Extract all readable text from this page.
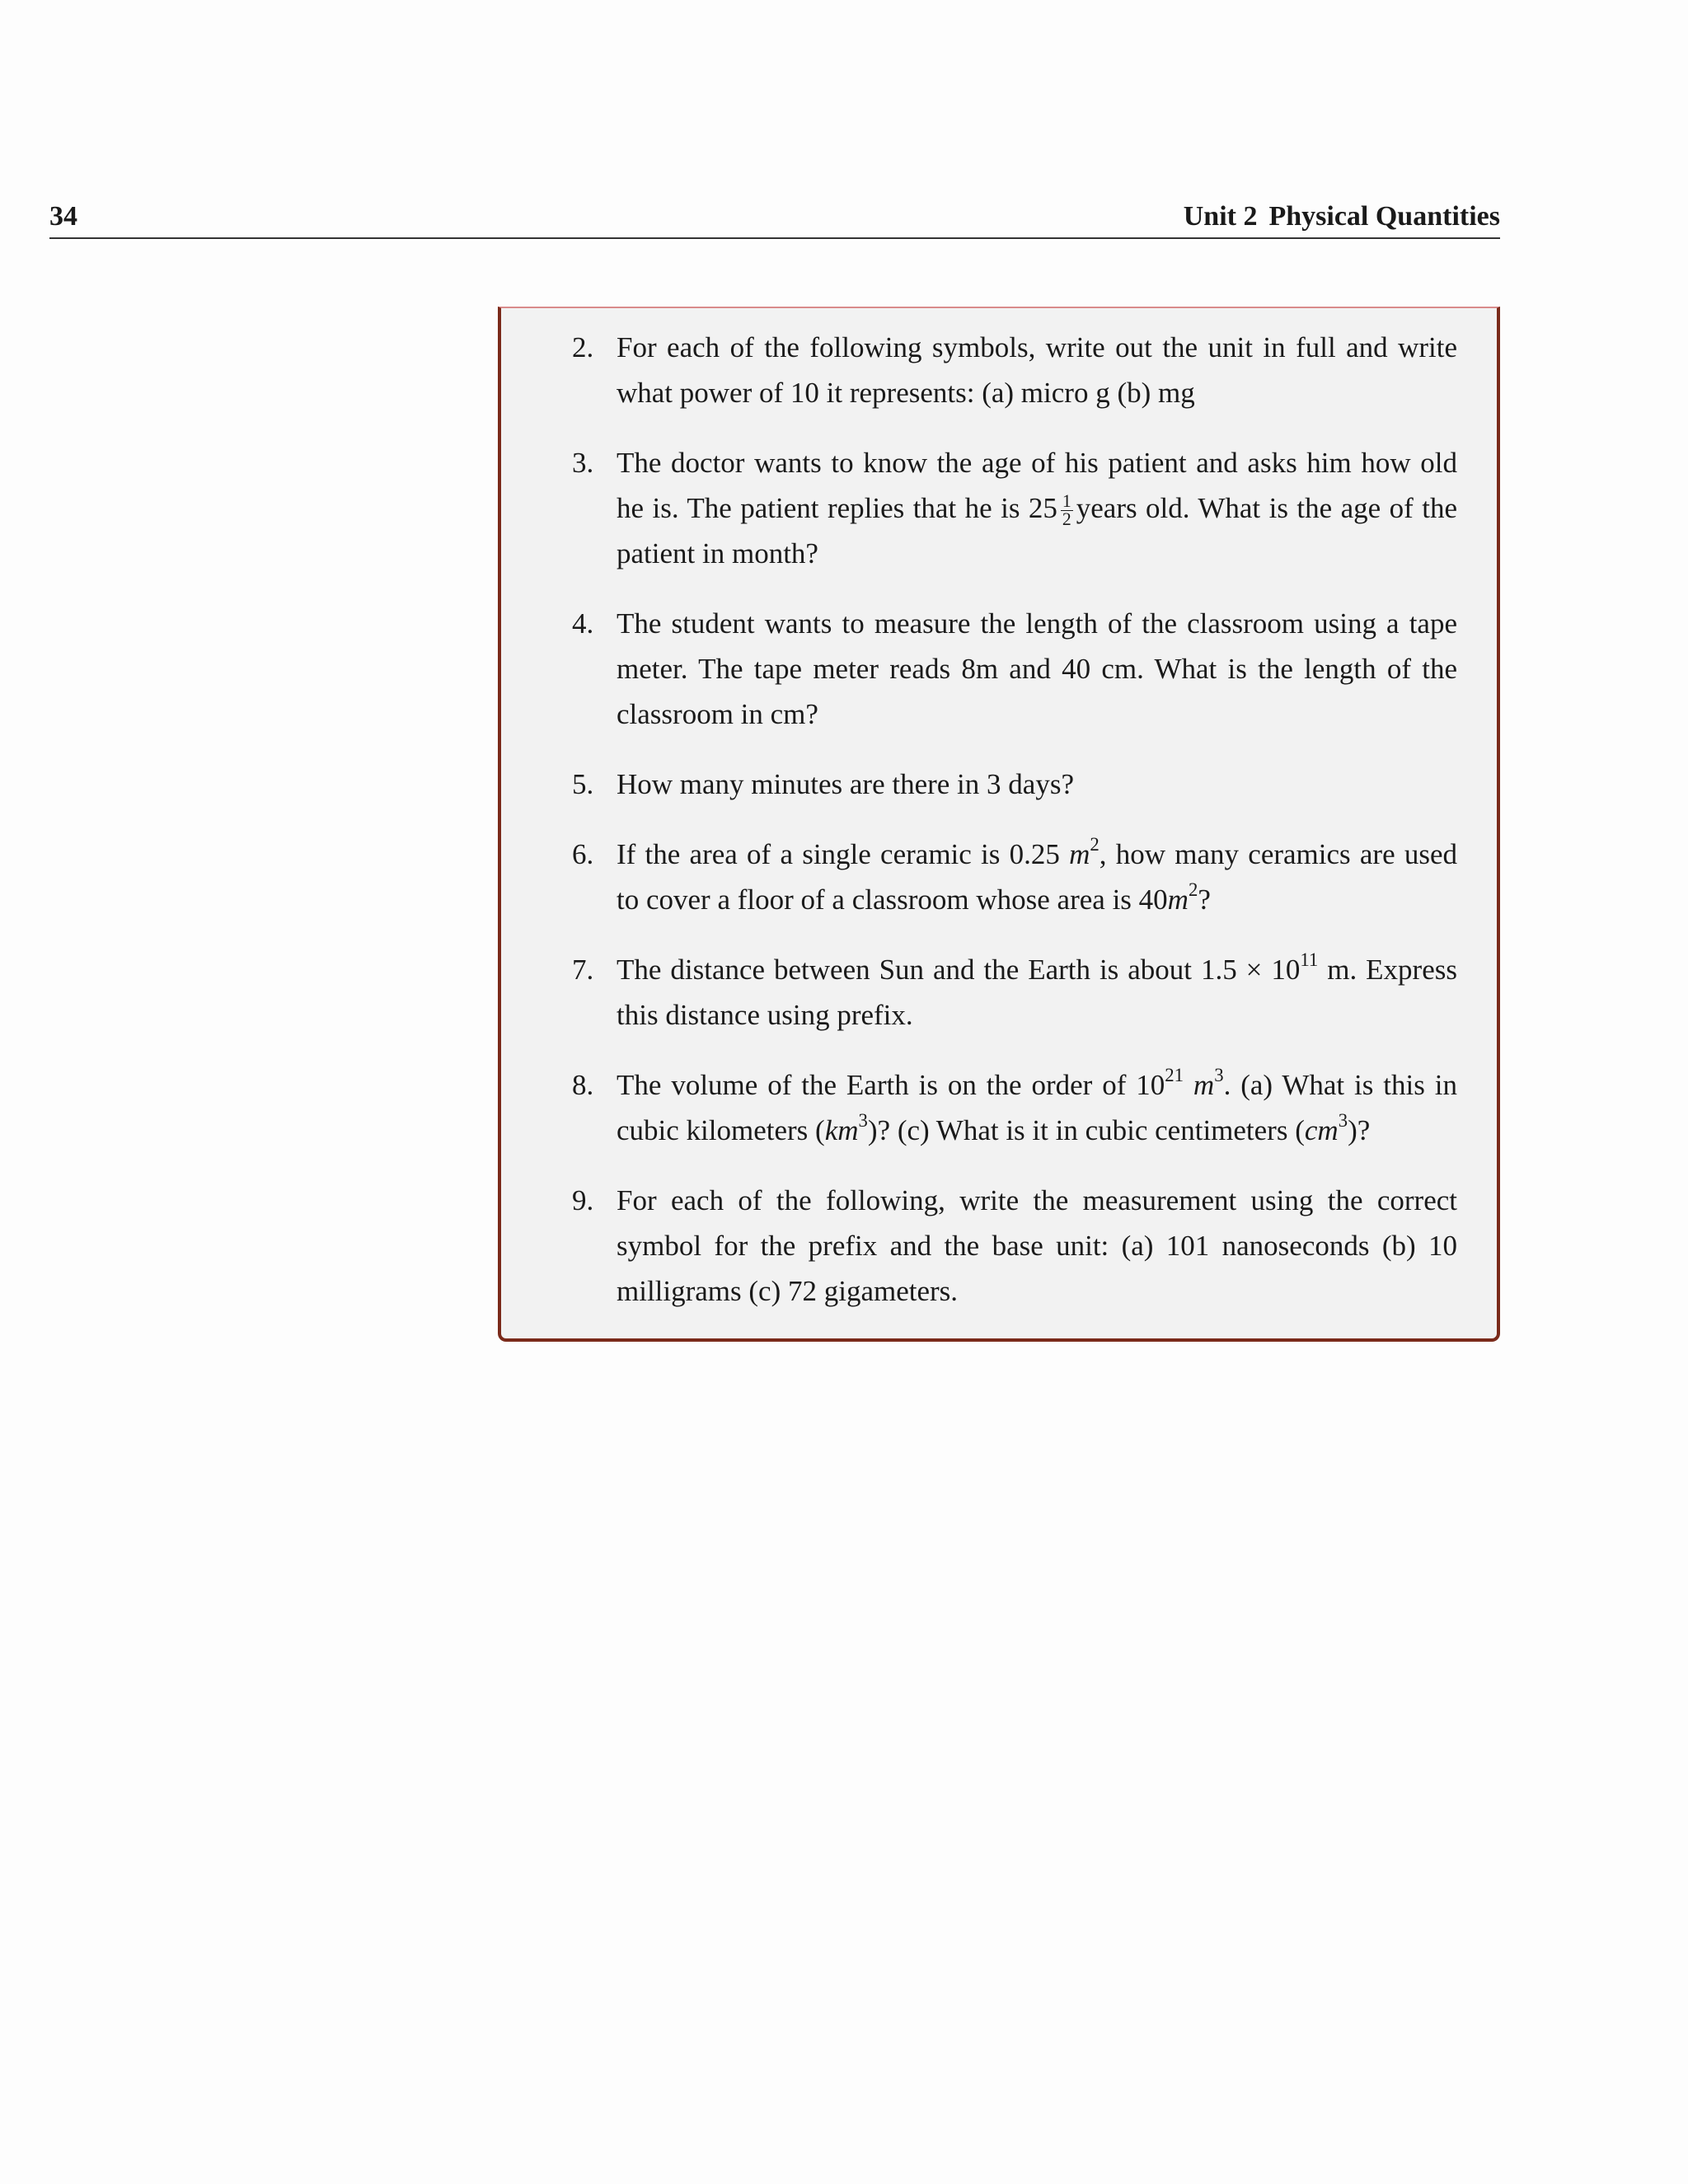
34	Unit 2 Physical Quantities
2. For each of the following symbols, write out the unit in full and write what power of 10 it represents: (a) micro g (b) mg
3. The doctor wants to know the age of his patient and asks him how old he is. The patient replies that he is $25 \frac{1}{2}$ years old. What is the age of the patient in month?
4. The student wants to measure the length of the classroom using a tape meter. The tape meter reads 8m and 40 cm. What is the length of the classroom in cm?
5. How many minutes are there in 3 days?
6. If the area of a single ceramic is 0.25 $m^2$, how many ceramics are used to cover a floor of a classroom whose area is $40m^2$?
7. The distance between Sun and the Earth is about $1.5 \times 10^{11}$ m. Express this distance using prefix.
8. The volume of the Earth is on the order of $10^{21}$ $m^3$. (a) What is this in cubic kilometers $(km^3)$? (c) What is it in cubic centimeters $(cm^3)$?
9. For each of the following, write the measurement using the correct symbol for the prefix and the base unit: (a) 101 nanoseconds (b) 10 milligrams (c) 72 gigameters.
